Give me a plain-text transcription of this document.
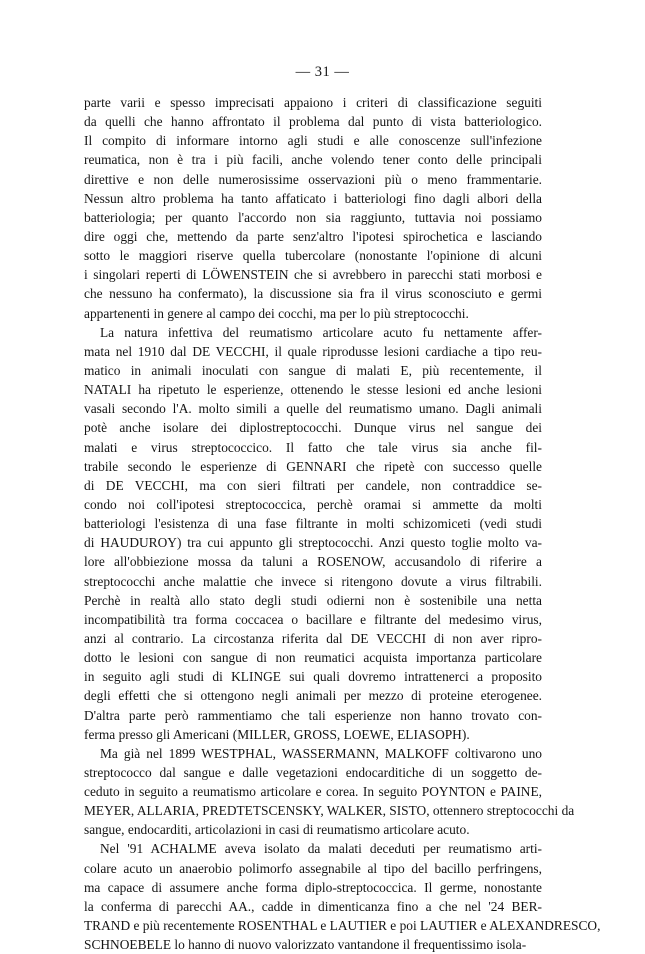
— 31 —
parte varii e spesso imprecisati appaiono i criteri di classificazione seguiti
da quelli che hanno affrontato il problema dal punto di vista batteriologico.
Il compito di informare intorno agli studi e alle conoscenze sull'infezione
reumatica, non è tra i più facili, anche volendo tener conto delle principali
direttive e non delle numerosissime osservazioni più o meno frammentarie.
Nessun altro problema ha tanto affaticato i batteriologi fino dagli albori della
batteriologia; per quanto l'accordo non sia raggiunto, tuttavia noi possiamo
dire oggi che, mettendo da parte senz'altro l'ipotesi spirochetica e lasciando
sotto le maggiori riserve quella tubercolare (nonostante l'opinione di alcuni
i singolari reperti di LÖWENSTEIN che si avrebbero in parecchi stati morbosi e
che nessuno ha confermato), la discussione sia fra il virus sconosciuto e germi
appartenenti in genere al campo dei cocchi, ma per lo più streptococchi.
La natura infettiva del reumatismo articolare acuto fu nettamente affer-
mata nel 1910 dal DE VECCHI, il quale riprodusse lesioni cardiache a tipo reu-
matico in animali inoculati con sangue di malati E, più recentemente, il
NATALI ha ripetuto le esperienze, ottenendo le stesse lesioni ed anche lesioni
vasali secondo l'A. molto simili a quelle del reumatismo umano. Dagli animali
potè anche isolare dei diplostreptococchi. Dunque virus nel sangue dei
malati e virus streptococcico. Il fatto che tale virus sia anche fil-
trabile secondo le esperienze di GENNARI che ripetè con successo quelle
di DE VECCHI, ma con sieri filtrati per candele, non contraddice se-
condo noi coll'ipotesi streptococcica, perchè oramai si ammette da molti
batteriologi l'esistenza di una fase filtrante in molti schizomiceti (vedi studi
di HAUDUROY) tra cui appunto gli streptococchi. Anzi questo toglie molto va-
lore all'obbiezione mossa da taluni a ROSENOW, accusandolo di riferire a
streptococchi anche malattie che invece si ritengono dovute a virus filtrabili.
Perchè in realtà allo stato degli studi odierni non è sostenibile una netta
incompatibilità tra forma coccacea o bacillare e filtrante del medesimo virus,
anzi al contrario. La circostanza riferita dal DE VECCHI di non aver ripro-
dotto le lesioni con sangue di non reumatici acquista importanza particolare
in seguito agli studi di KLINGE sui quali dovremo intrattenerci a proposito
degli effetti che si ottengono negli animali per mezzo di proteine eterogenee.
D'altra parte però rammentiamo che tali esperienze non hanno trovato con-
ferma presso gli Americani (MILLER, GROSS, LOEWE, ELIASOPH).
Ma già nel 1899 WESTPHAL, WASSERMANN, MALKOFF coltivarono uno
streptococco dal sangue e dalle vegetazioni endocarditiche di un soggetto de-
ceduto in seguito a reumatismo articolare e corea. In seguito POYNTON e PAINE,
MEYER, ALLARIA, PREDTETSCENSKY, WALKER, SISTO, ottennero streptococchi da
sangue, endocarditi, articolazioni in casi di reumatismo articolare acuto.
Nel '91 ACHALME aveva isolato da malati deceduti per reumatismo arti-
colare acuto un anaerobio polimorfo assegnabile al tipo del bacillo perfringens,
ma capace di assumere anche forma diplo-streptococcica. Il germe, nonostante
la conferma di parecchi AA., cadde in dimenticanza fino a che nel '24 BER-
TRAND e più recentemente ROSENTHAL e LAUTIER e poi LAUTIER e ALEXANDRESCO,
SCHNOEBELE lo hanno di nuovo valorizzato vantandone il frequentissimo isola-
